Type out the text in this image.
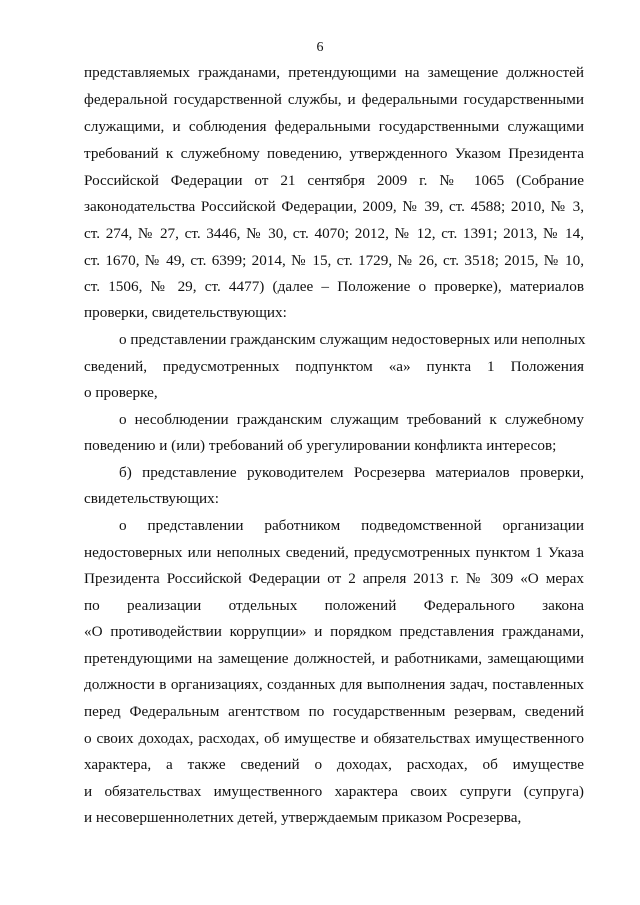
6
представляемых гражданами, претендующими на замещение должностей
федеральной государственной службы, и федеральными государственными
служащими, и соблюдения федеральными государственными служащими
требований к служебному поведению, утвержденного Указом Президента
Российской Федерации от 21 сентября 2009 г. № 1065 (Собрание
законодательства Российской Федерации, 2009, № 39, ст. 4588; 2010, № 3,
ст. 274, № 27, ст. 3446, № 30, ст. 4070; 2012, № 12, ст. 1391; 2013, № 14,
ст. 1670, № 49, ст. 6399; 2014, № 15, ст. 1729, № 26, ст. 3518; 2015, № 10,
ст. 1506, № 29, ст. 4477) (далее – Положение о проверке), материалов
проверки, свидетельствующих:
о представлении гражданским служащим недостоверных или неполных
сведений, предусмотренных подпунктом «а» пункта 1 Положения
о проверке,
о несоблюдении гражданским служащим требований к служебному
поведению и (или) требований об урегулировании конфликта интересов;
б) представление руководителем Росрезерва материалов проверки,
свидетельствующих:
о представлении работником подведомственной организации
недостоверных или неполных сведений, предусмотренных пунктом 1 Указа
Президента Российской Федерации от 2 апреля 2013 г. № 309 «О мерах
по реализации отдельных положений Федерального закона
«О противодействии коррупции» и порядком представления гражданами,
претендующими на замещение должностей, и работниками, замещающими
должности в организациях, созданных для выполнения задач, поставленных
перед Федеральным агентством по государственным резервам, сведений
о своих доходах, расходах, об имуществе и обязательствах имущественного
характера, а также сведений о доходах, расходах, об имуществе
и обязательствах имущественного характера своих супруги (супруга)
и несовершеннолетних детей, утверждаемым приказом Росрезерва,
